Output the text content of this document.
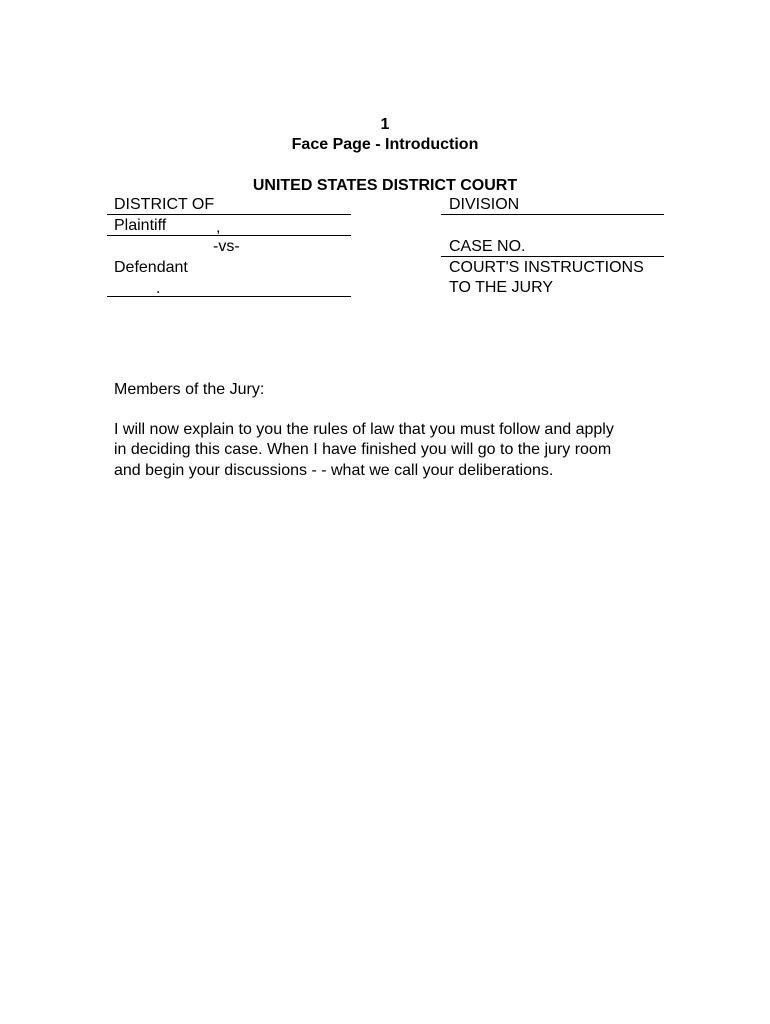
1
Face Page - Introduction
UNITED STATES DISTRICT COURT
DISTRICT OF
Plaintiff	,
-vs-
Defendant
.
DIVISION
CASE NO.
COURT'S INSTRUCTIONS
TO THE JURY
Members of the Jury:
I will now explain to you the rules of law that you must follow and apply
in deciding this case. When I have finished you will go to the jury room
and begin your discussions - - what we call your deliberations.
